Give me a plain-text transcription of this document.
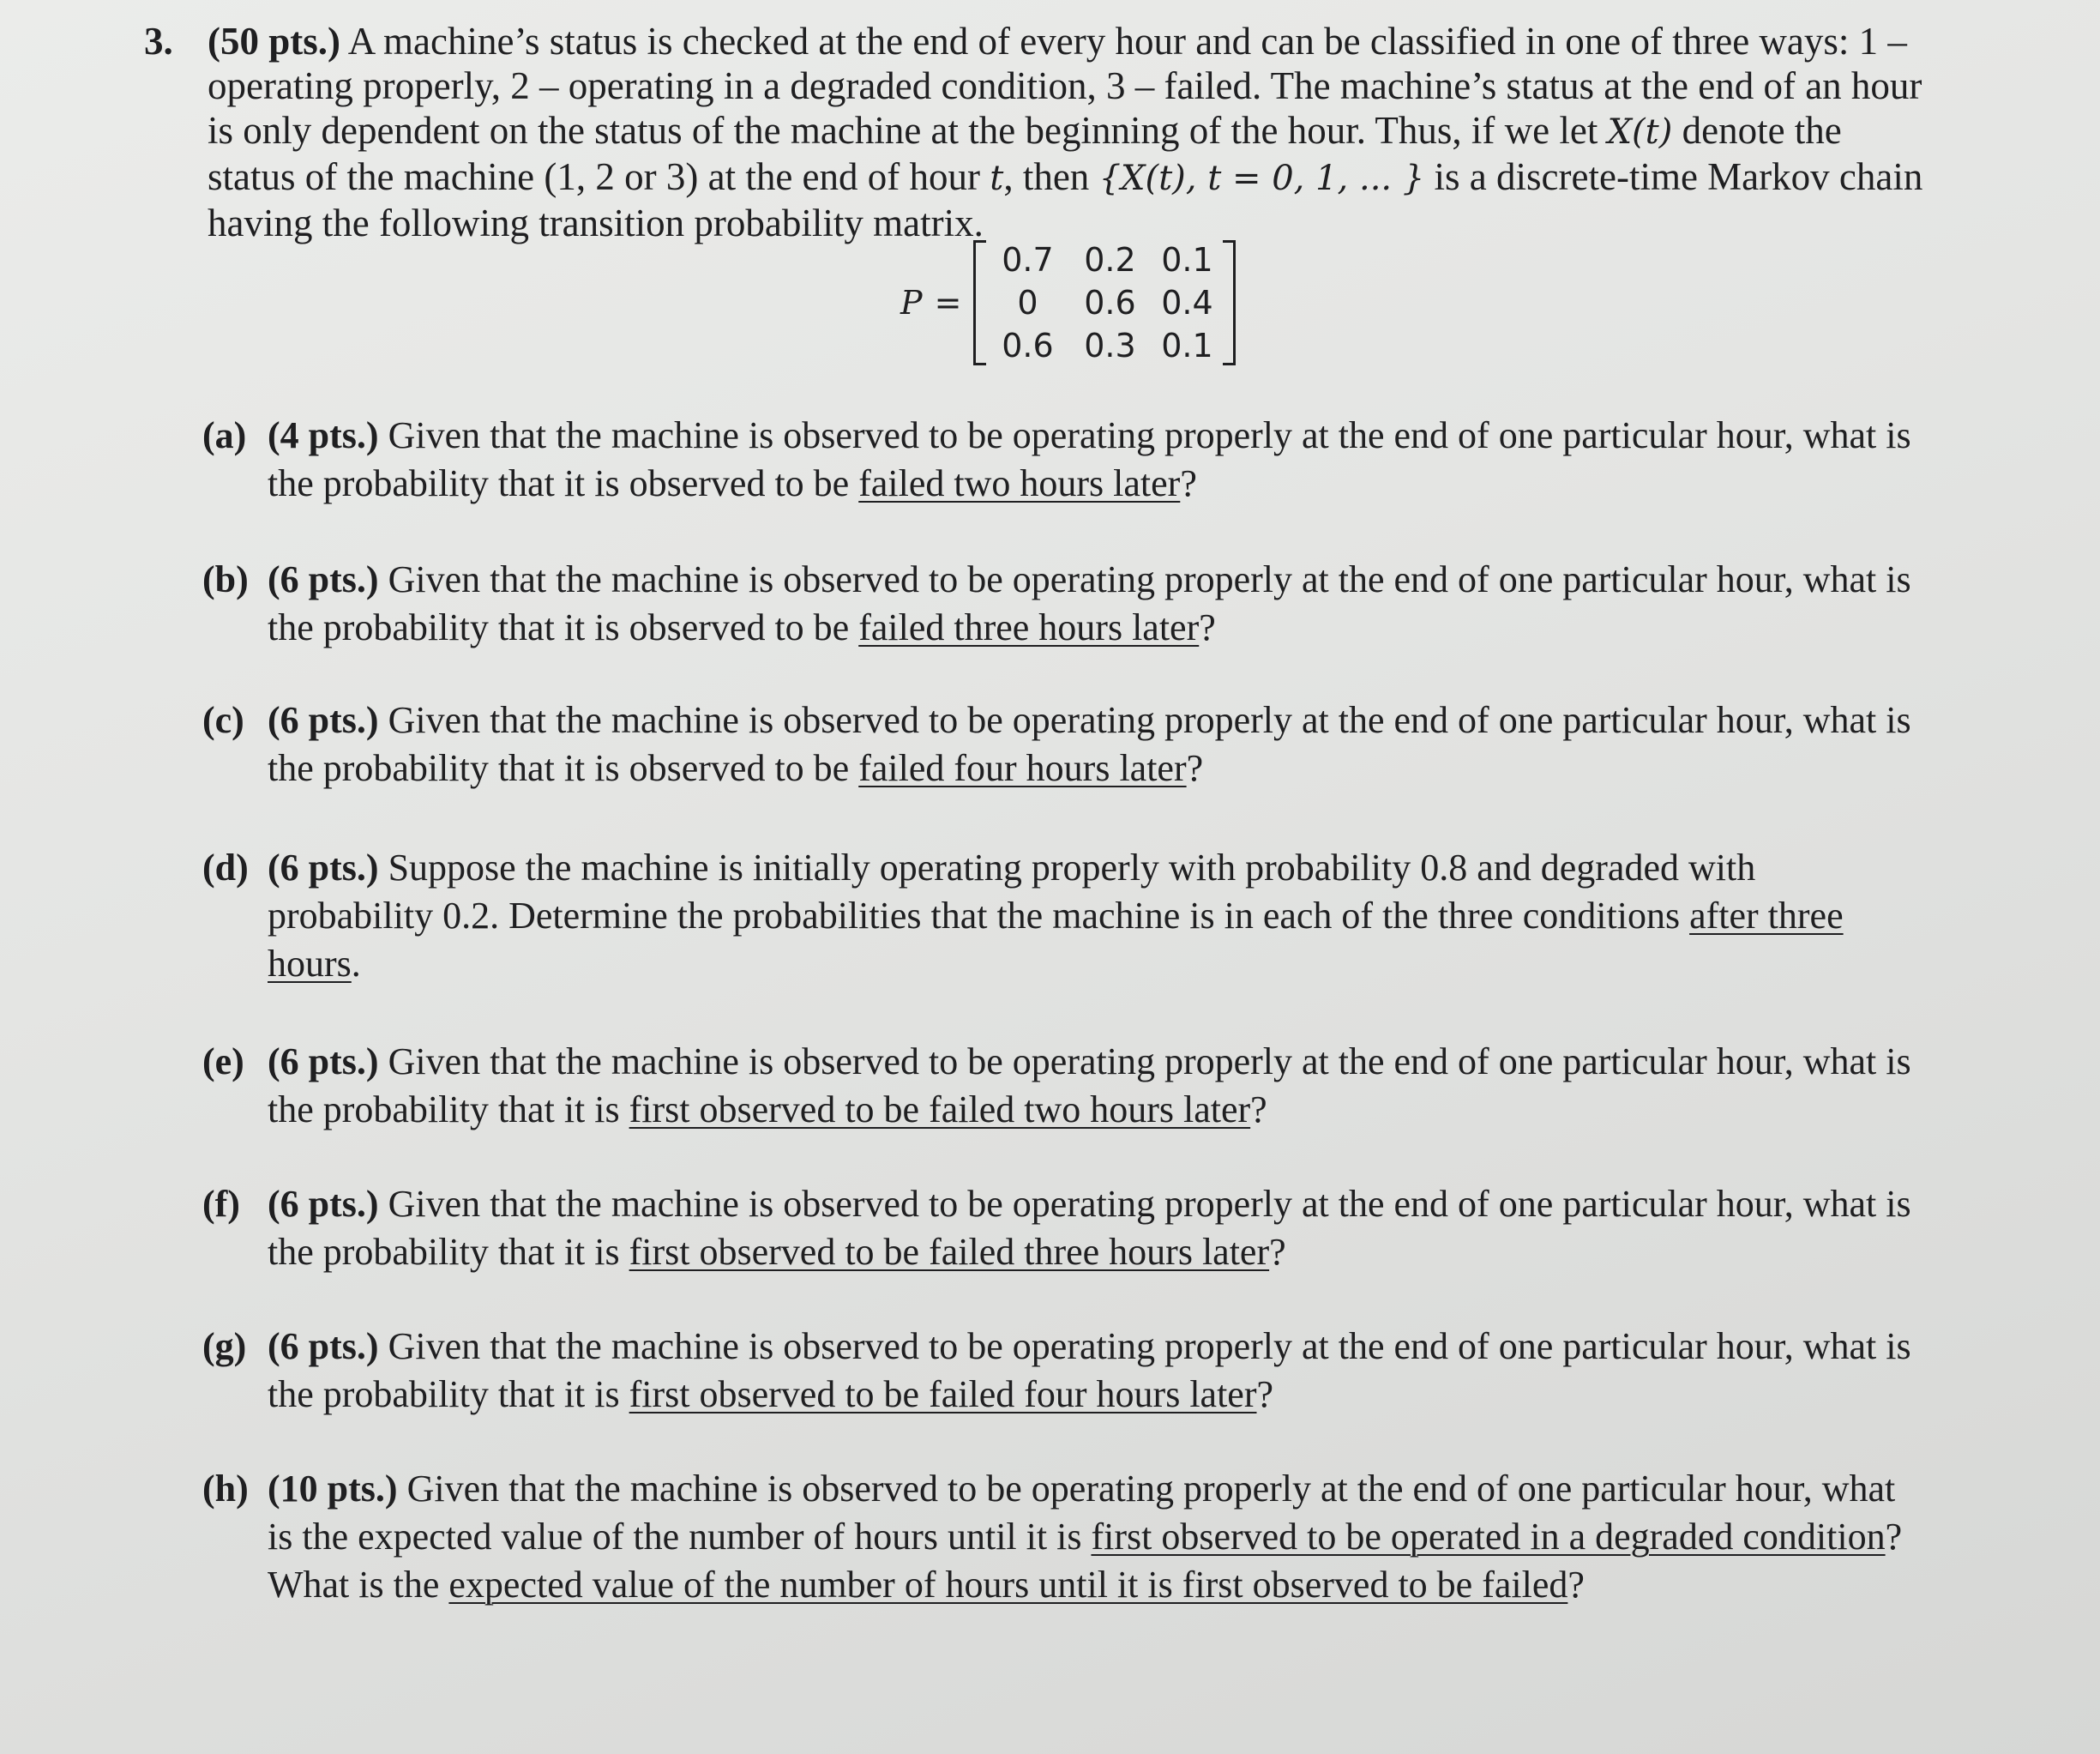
3. (50 pts.) A machine’s status is checked at the end of every hour and can be classified in one of three ways: 1 – operating properly, 2 – operating in a degraded condition, 3 – failed. The machine’s status at the end of an hour is only dependent on the status of the machine at the beginning of the hour. Thus, if we let X(t) denote the status of the machine (1, 2 or 3) at the end of hour t, then {X(t), t = 0, 1, ... } is a discrete-time Markov chain having the following transition probability matrix.
P =
0.7 0.2 0.1
0	0.6 0.4
0.6 0.3 0.1
(a) (4 pts.) Given that the machine is observed to be operating properly at the end of one particular hour, what is the probability that it is observed to be failed two hours later?
(b) (6 pts.) Given that the machine is observed to be operating properly at the end of one particular hour, what is the probability that it is observed to be failed three hours later?
(c) (6 pts.) Given that the machine is observed to be operating properly at the end of one particular hour, what is the probability that it is observed to be failed four hours later?
(d) (6 pts.) Suppose the machine is initially operating properly with probability 0.8 and degraded with probability 0.2. Determine the probabilities that the machine is in each of the three conditions after three hours.
(e) (6 pts.) Given that the machine is observed to be operating properly at the end of one particular hour, what is the probability that it is first observed to be failed two hours later?
(f) (6 pts.) Given that the machine is observed to be operating properly at the end of one particular hour, what is the probability that it is first observed to be failed three hours later?
(g) (6 pts.) Given that the machine is observed to be operating properly at the end of one particular hour, what is the probability that it is first observed to be failed four hours later?
(h) (10 pts.) Given that the machine is observed to be operating properly at the end of one particular hour, what is the expected value of the number of hours until it is first observed to be operated in a degraded condition? What is the expected value of the number of hours until it is first observed to be failed?
